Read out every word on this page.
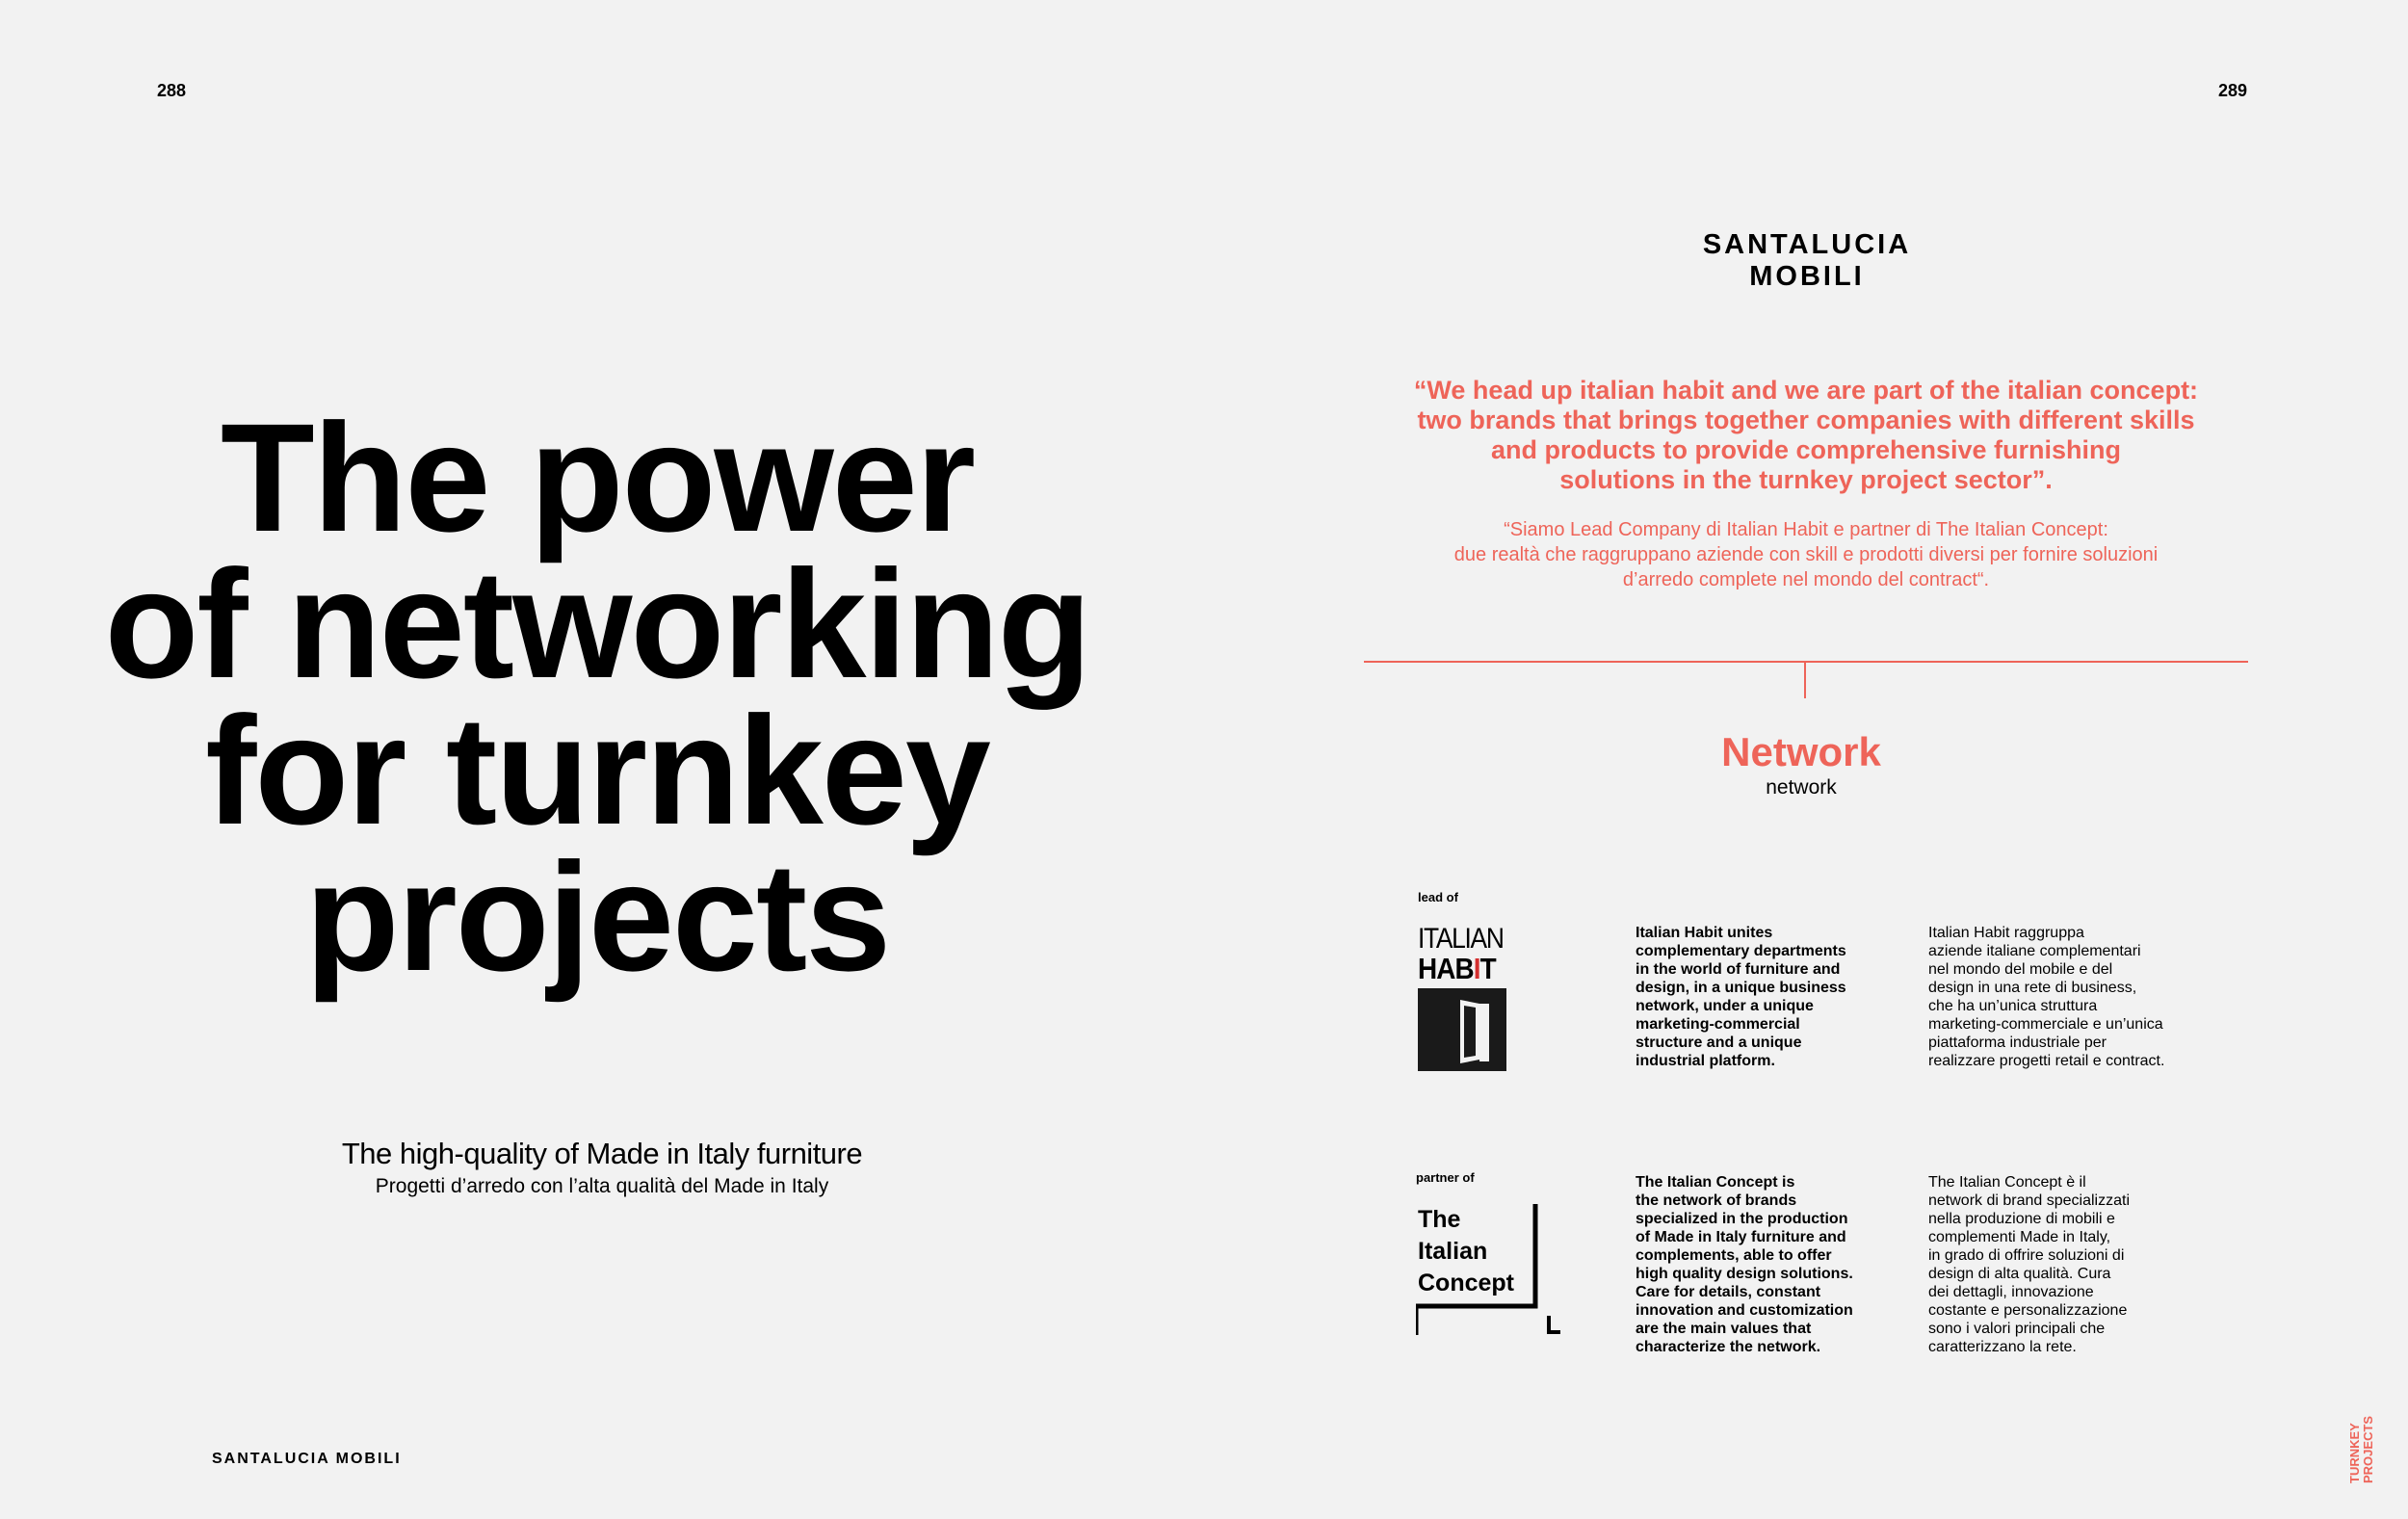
288
The power
of networking
for turnkey
projects
The high-quality of Made in Italy furniture
Progetti d’arredo con l’alta qualità del Made in Italy
SANTALUCIA MOBILI
289
SANTALUCIA MOBILI
“We head up italian habit and we are part of the italian concept:
two brands that brings together companies with different skills
and products to provide comprehensive furnishing
solutions in the turnkey project sector”.
“Siamo Lead Company di Italian Habit e partner di The Italian Concept:
due realtà che raggruppano aziende con skill e prodotti diversi per fornire soluzioni
d’arredo complete nel mondo del contract“.
Network
network
lead of
ITALIAN
HABIT
Italian Habit unites
complementary departments
in the world of furniture and
design, in a unique business
network, under a unique
marketing-commercial
structure and a unique
industrial platform.
Italian Habit raggruppa
aziende italiane complementari
nel mondo del mobile e del
design in una rete di business,
che ha un’unica struttura
marketing-commerciale e un’unica
piattaforma industriale per
realizzare progetti retail e contract.
partner of
The
Italian
Concept
The Italian Concept is
the network of brands
specialized in the production
of Made in Italy furniture and
complements, able to offer
high quality design solutions.
Care for details, constant
innovation and customization
are the main values that
characterize the network.
The Italian Concept è il
network di brand specializzati
nella produzione di mobili e
complementi Made in Italy,
in grado di offrire soluzioni di
design di alta qualità. Cura
dei dettagli, innovazione
costante e personalizzazione
sono i valori principali che
caratterizzano la rete.
TURNKEY PROJECTS
